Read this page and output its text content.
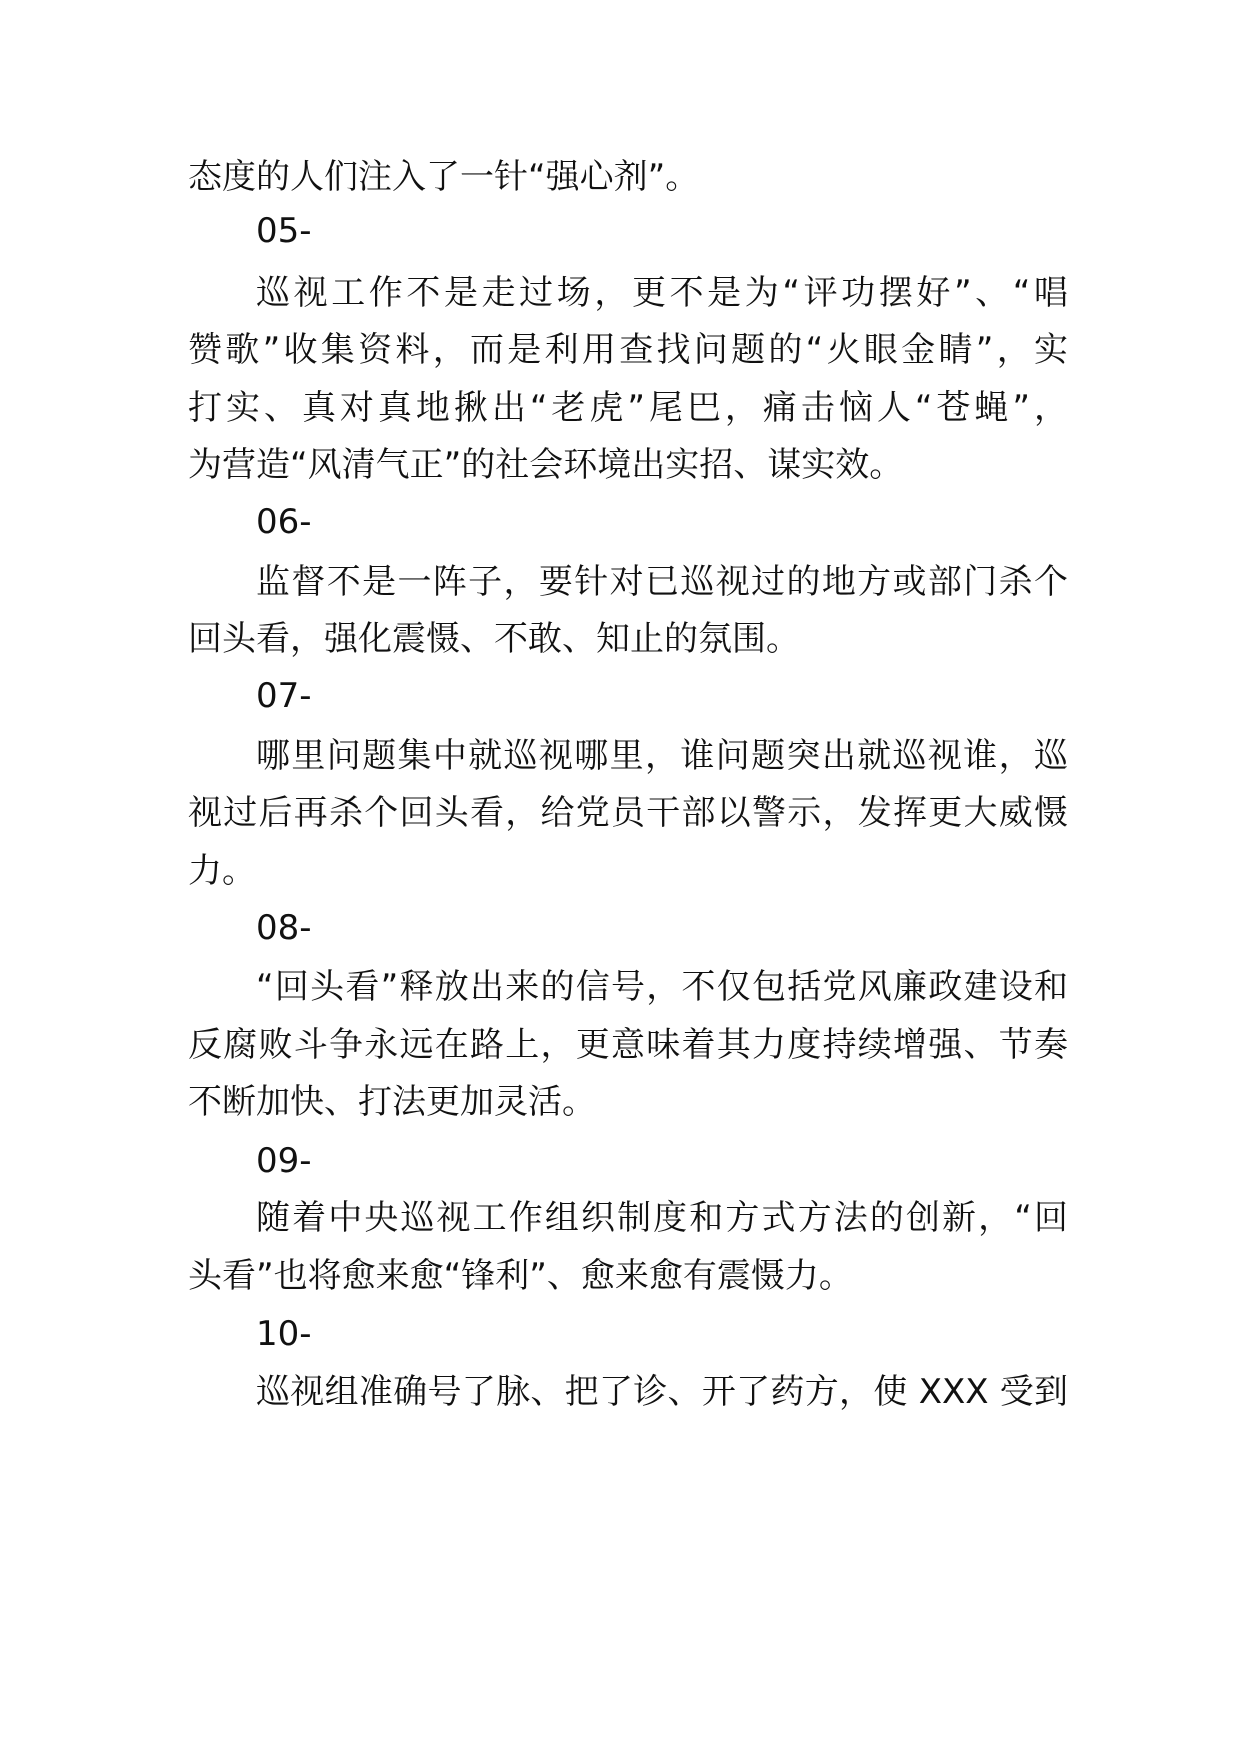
态度的人们注入了一针“强心剂”。
05-
巡视工作不是走过场，更不是为“评功摆好”、“唱
赞歌”收集资料，而是利用查找问题的“火眼金睛”，实
打实、真对真地揪出“老虎”尾巴，痛击恼人“苍蝇”，
为营造“风清气正”的社会环境出实招、谋实效。
06-
监督不是一阵子，要针对已巡视过的地方或部门杀个
回头看，强化震慑、不敢、知止的氛围。
07-
哪里问题集中就巡视哪里，谁问题突出就巡视谁，巡
视过后再杀个回头看，给党员干部以警示，发挥更大威慑
力。
08-
“回头看”释放出来的信号，不仅包括党风廉政建设和
反腐败斗争永远在路上，更意味着其力度持续增强、节奏
不断加快、打法更加灵活。
09-
随着中央巡视工作组织制度和方式方法的创新，“回
头看”也将愈来愈“锋利”、愈来愈有震慑力。
10-
巡视组准确号了脉、把了诊、开了药方，使 XXX 受到
